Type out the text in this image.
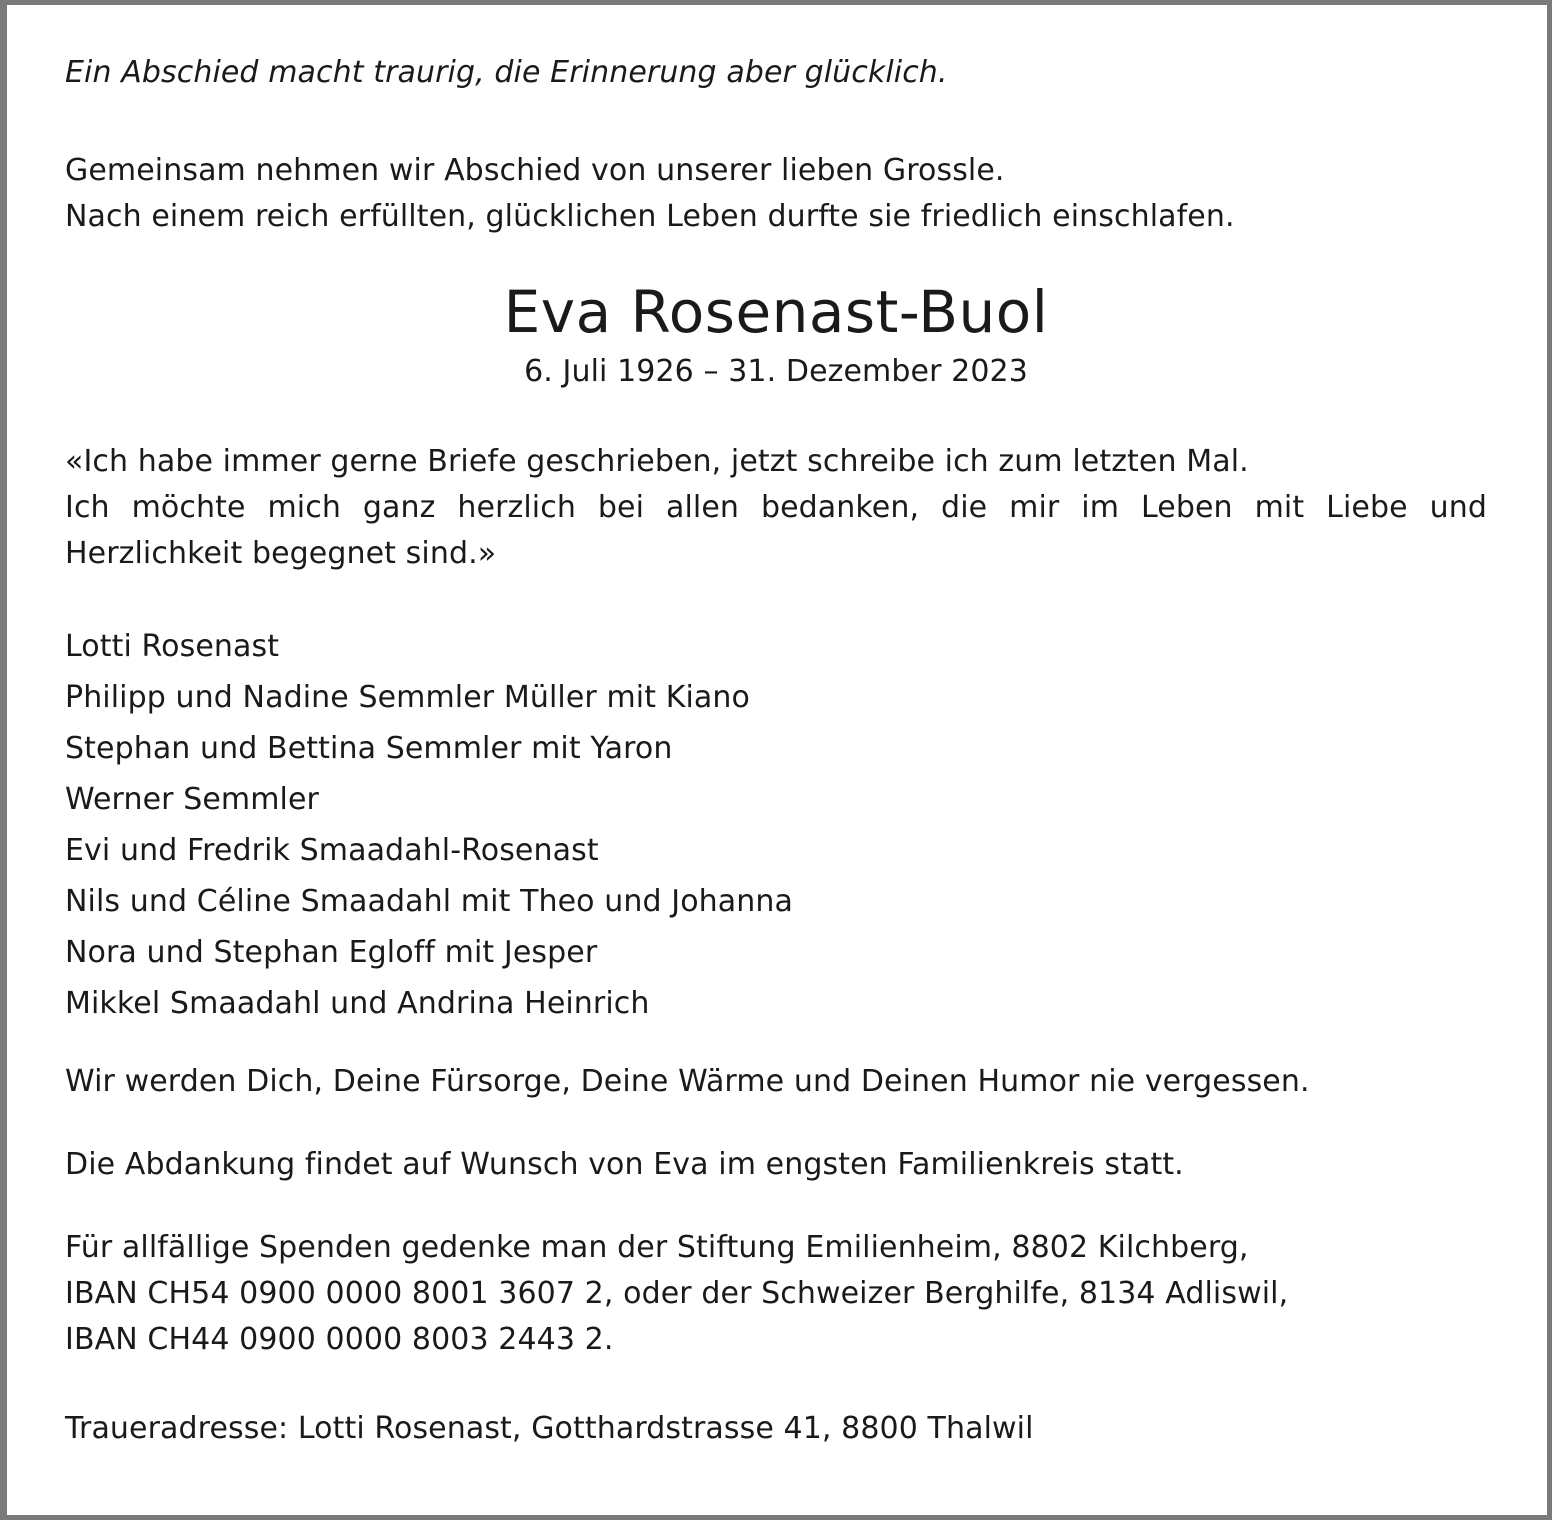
Ein Abschied macht traurig, die Erinnerung aber glücklich.

Gemeinsam nehmen wir Abschied von unserer lieben Grossle.

Nach einem reich erfüllten, glücklichen Leben durfte sie friedlich einschlafen.

Eva Rosenast-Buol

6. Juli 1926 – 31. Dezember 2023

«Ich habe immer gerne Briefe geschrieben, jetzt schreibe ich zum letzten Mal.

Ich möchte mich ganz herzlich bei allen bedanken, die mir im Leben mit Liebe und

Herzlichkeit begegnet sind.»

Lotti Rosenast

Philipp und Nadine Semmler Müller mit Kiano

Stephan und Bettina Semmler mit Yaron

Werner Semmler

Evi und Fredrik Smaadahl-Rosenast

Nils und Céline Smaadahl mit Theo und Johanna

Nora und Stephan Egloff mit Jesper

Mikkel Smaadahl und Andrina Heinrich

Wir werden Dich, Deine Fürsorge, Deine Wärme und Deinen Humor nie vergessen.

Die Abdankung findet auf Wunsch von Eva im engsten Familienkreis statt.

Für allfällige Spenden gedenke man der Stiftung Emilienheim, 8802 Kilchberg,

IBAN CH54 0900 0000 8001 3607 2, oder der Schweizer Berghilfe, 8134 Adliswil,

IBAN CH44 0900 0000 8003 2443 2.

Traueradresse: Lotti Rosenast, Gotthardstrasse 41, 8800 Thalwil
